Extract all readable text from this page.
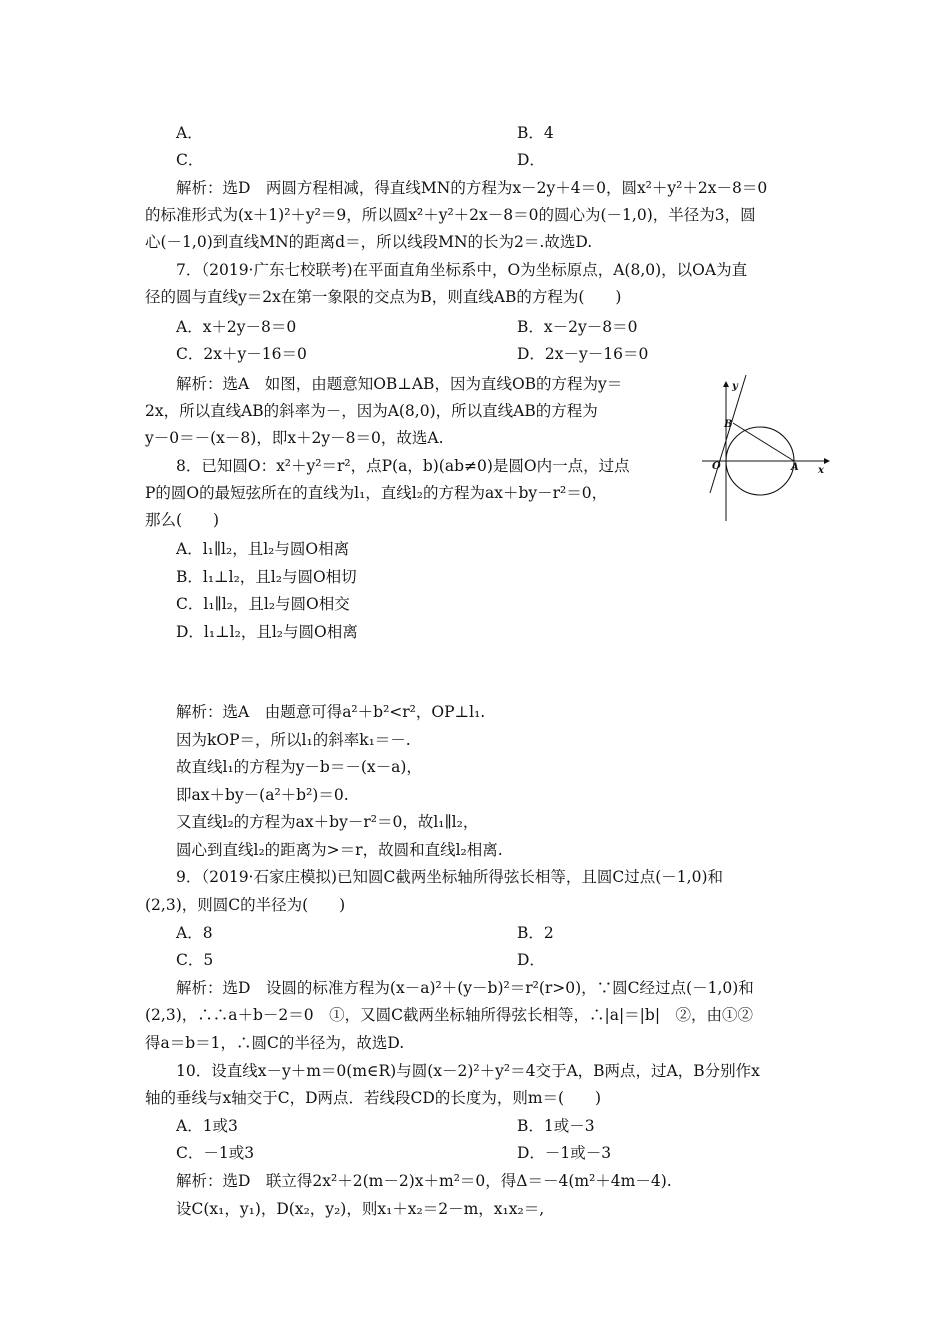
A．	B．4
C．	D．
解析：选D　两圆方程相减，得直线MN的方程为x－2y＋4＝0，圆x²＋y²＋2x－8＝0
的标准形式为(x＋1)²＋y²＝9，所以圆x²＋y²＋2x－8＝0的圆心为(－1,0)，半径为3，圆
心(－1,0)到直线MN的距离d＝，所以线段MN的长为2＝.故选D.
7．（2019·广东七校联考)在平面直角坐标系中，O为坐标原点，A(8,0)，以OA为直
径的圆与直线y＝2x在第一象限的交点为B，则直线AB的方程为(　　)
A．x＋2y－8＝0	B．x－2y－8＝0
C．2x＋y－16＝0	D．2x－y－16＝0
解析：选A　如图，由题意知OB⊥AB，因为直线OB的方程为y＝
2x，所以直线AB的斜率为－，因为A(8,0)，所以直线AB的方程为
y－0＝－(x－8)，即x＋2y－8＝0，故选A.
8．已知圆O：x²＋y²＝r²，点P(a，b)(ab≠0)是圆O内一点，过点
P的圆O的最短弦所在的直线为l₁，直线l₂的方程为ax＋by－r²＝0，
那么(　　)
A．l₁∥l₂，且l₂与圆O相离
B．l₁⊥l₂，且l₂与圆O相切
C．l₁∥l₂，且l₂与圆O相交
D．l₁⊥l₂，且l₂与圆O相离
解析：选A　由题意可得a²＋b²<r²，OP⊥l₁.
因为kOP＝，所以l₁的斜率k₁＝－.
故直线l₁的方程为y－b＝－(x－a)，
即ax＋by－(a²＋b²)＝0.
又直线l₂的方程为ax＋by－r²＝0，故l₁∥l₂，
圆心到直线l₂的距离为>＝r，故圆和直线l₂相离.
9．（2019·石家庄模拟)已知圆C截两坐标轴所得弦长相等，且圆C过点(－1,0)和
(2,3)，则圆C的半径为(　　)
A．8	B．2
C．5	D．
解析：选D　设圆的标准方程为(x－a)²＋(y－b)²＝r²(r>0)，∵圆C经过点(－1,0)和
(2,3)，∴∴a＋b－2＝0　①，又圆C截两坐标轴所得弦长相等，∴|a|＝|b|　②，由①②
得a＝b＝1，∴圆C的半径为，故选D.
10．设直线x－y＋m＝0(m∈R)与圆(x－2)²＋y²＝4交于A，B两点，过A，B分别作x
轴的垂线与x轴交于C，D两点．若线段CD的长度为，则m＝(　　)
A．1或3	B．1或－3
C．－1或3	D．－1或－3
解析：选D　联立得2x²＋2(m－2)x＋m²＝0，得Δ＝－4(m²＋4m－4).
设C(x₁，y₁)，D(x₂，y₂)，则x₁＋x₂＝2－m，x₁x₂＝,
y
x
O	A
B
